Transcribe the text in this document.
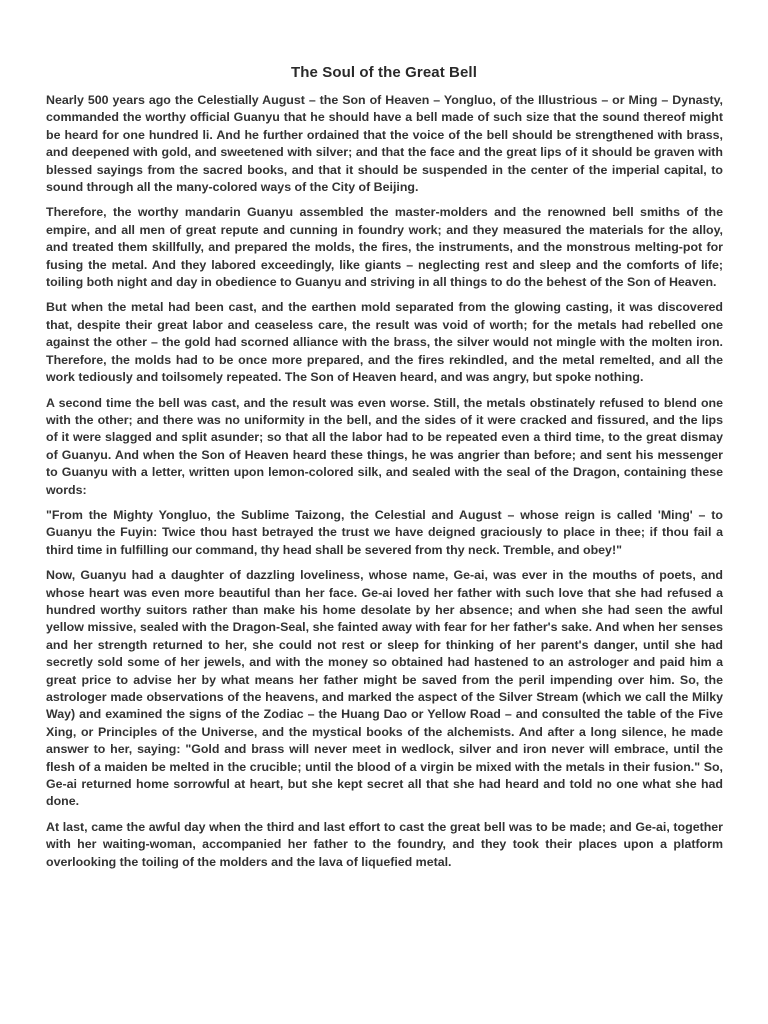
The Soul of the Great Bell

Nearly 500 years ago the Celestially August – the Son of Heaven – Yongluo, of the Illustrious – or Ming – Dynasty, commanded the worthy official Guanyu that he should have a bell made of such size that the sound thereof might be heard for one hundred li. And he further ordained that the voice of the bell should be strengthened with brass, and deepened with gold, and sweetened with silver; and that the face and the great lips of it should be graven with blessed sayings from the sacred books, and that it should be suspended in the center of the imperial capital, to sound through all the many-colored ways of the City of Beijing.

Therefore, the worthy mandarin Guanyu assembled the master-molders and the renowned bell smiths of the empire, and all men of great repute and cunning in foundry work; and they measured the materials for the alloy, and treated them skillfully, and prepared the molds, the fires, the instruments, and the monstrous melting-pot for fusing the metal. And they labored exceedingly, like giants – neglecting rest and sleep and the comforts of life; toiling both night and day in obedience to Guanyu and striving in all things to do the behest of the Son of Heaven.

But when the metal had been cast, and the earthen mold separated from the glowing casting, it was discovered that, despite their great labor and ceaseless care, the result was void of worth; for the metals had rebelled one against the other – the gold had scorned alliance with the brass, the silver would not mingle with the molten iron. Therefore, the molds had to be once more prepared, and the fires rekindled, and the metal remelted, and all the work tediously and toilsomely repeated. The Son of Heaven heard, and was angry, but spoke nothing.

A second time the bell was cast, and the result was even worse. Still, the metals obstinately refused to blend one with the other; and there was no uniformity in the bell, and the sides of it were cracked and fissured, and the lips of it were slagged and split asunder; so that all the labor had to be repeated even a third time, to the great dismay of Guanyu. And when the Son of Heaven heard these things, he was angrier than before; and sent his messenger to Guanyu with a letter, written upon lemon-colored silk, and sealed with the seal of the Dragon, containing these words:

"From the Mighty Yongluo, the Sublime Taizong, the Celestial and August – whose reign is called 'Ming' – to Guanyu the Fuyin: Twice thou hast betrayed the trust we have deigned graciously to place in thee; if thou fail a third time in fulfilling our command, thy head shall be severed from thy neck. Tremble, and obey!"

Now, Guanyu had a daughter of dazzling loveliness, whose name, Ge-ai, was ever in the mouths of poets, and whose heart was even more beautiful than her face. Ge-ai loved her father with such love that she had refused a hundred worthy suitors rather than make his home desolate by her absence; and when she had seen the awful yellow missive, sealed with the Dragon-Seal, she fainted away with fear for her father's sake. And when her senses and her strength returned to her, she could not rest or sleep for thinking of her parent's danger, until she had secretly sold some of her jewels, and with the money so obtained had hastened to an astrologer and paid him a great price to advise her by what means her father might be saved from the peril impending over him. So, the astrologer made observations of the heavens, and marked the aspect of the Silver Stream (which we call the Milky Way) and examined the signs of the Zodiac – the Huang Dao or Yellow Road – and consulted the table of the Five Xing, or Principles of the Universe, and the mystical books of the alchemists. And after a long silence, he made answer to her, saying: "Gold and brass will never meet in wedlock, silver and iron never will embrace, until the flesh of a maiden be melted in the crucible; until the blood of a virgin be mixed with the metals in their fusion." So, Ge-ai returned home sorrowful at heart, but she kept secret all that she had heard and told no one what she had done.

At last, came the awful day when the third and last effort to cast the great bell was to be made; and Ge-ai, together with her waiting-woman, accompanied her father to the foundry, and they took their places upon a platform overlooking the toiling of the molders and the lava of liquefied metal.
